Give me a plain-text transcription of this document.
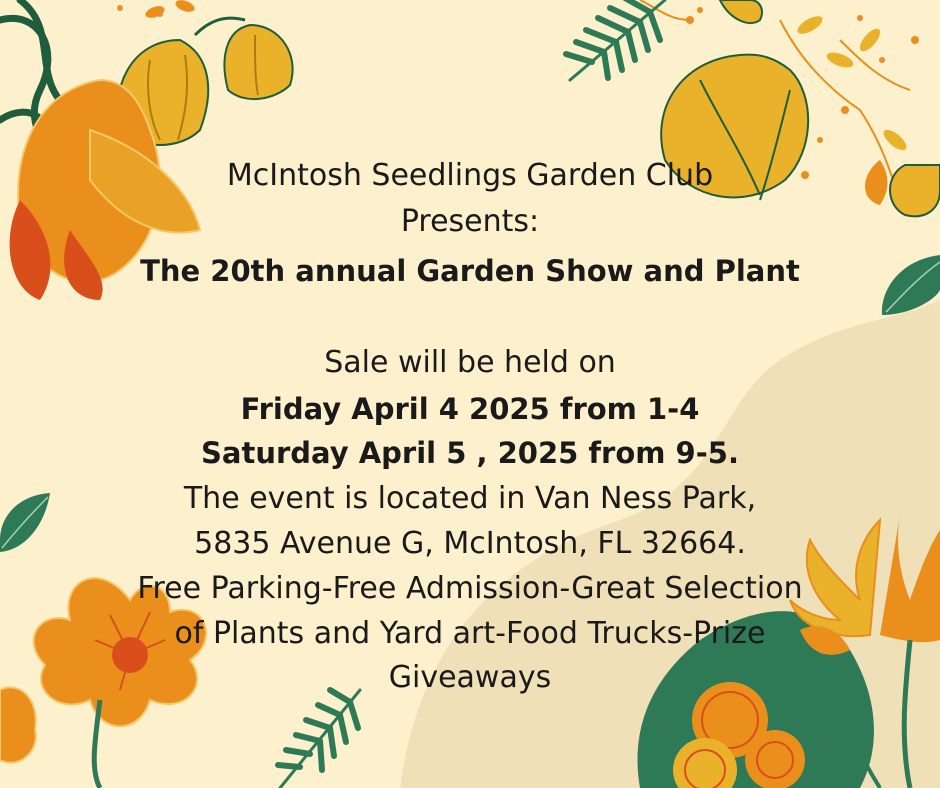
McIntosh Seedlings Garden Club
Presents:
The 20th annual Garden Show and Plant
Sale will be held on
Friday April 4 2025 from 1-4
Saturday April 5 , 2025 from 9-5.
The event is located in Van Ness Park,
5835 Avenue G, McIntosh, FL 32664.
Free Parking-Free Admission-Great Selection
of Plants and Yard art-Food Trucks-Prize
Giveaways
